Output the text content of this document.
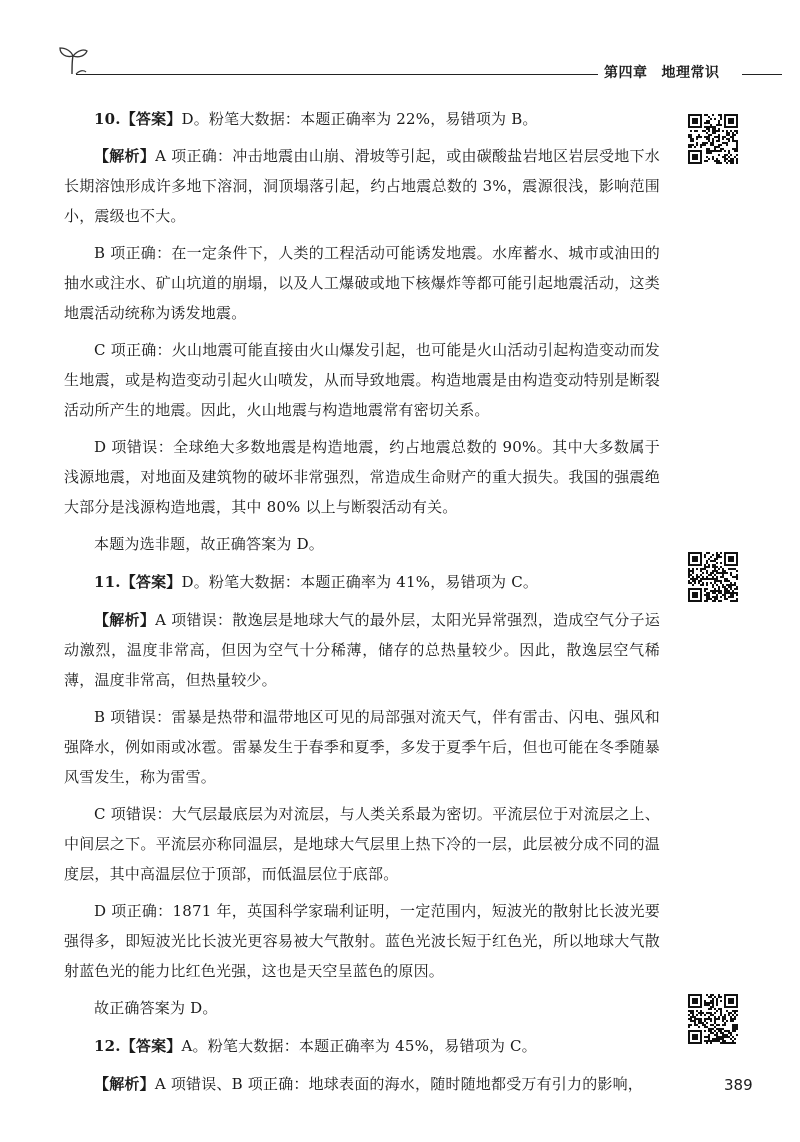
第四章 地理常识

10.【答案】D。粉笔大数据：本题正确率为 22%，易错项为 B。

【解析】A 项正确：冲击地震由山崩、滑坡等引起，或由碳酸盐岩地区岩层受地下水长期溶蚀形成许多地下溶洞，洞顶塌落引起，约占地震总数的 3%，震源很浅，影响范围小，震级也不大。

B 项正确：在一定条件下，人类的工程活动可能诱发地震。水库蓄水、城市或油田的抽水或注水、矿山坑道的崩塌，以及人工爆破或地下核爆炸等都可能引起地震活动，这类地震活动统称为诱发地震。

C 项正确：火山地震可能直接由火山爆发引起，也可能是火山活动引起构造变动而发生地震，或是构造变动引起火山喷发，从而导致地震。构造地震是由构造变动特别是断裂活动所产生的地震。因此，火山地震与构造地震常有密切关系。

D 项错误：全球绝大多数地震是构造地震，约占地震总数的 90%。其中大多数属于浅源地震，对地面及建筑物的破坏非常强烈，常造成生命财产的重大损失。我国的强震绝大部分是浅源构造地震，其中 80% 以上与断裂活动有关。

本题为选非题，故正确答案为 D。

11.【答案】D。粉笔大数据：本题正确率为 41%，易错项为 C。

【解析】A 项错误：散逸层是地球大气的最外层，太阳光异常强烈，造成空气分子运动激烈，温度非常高，但因为空气十分稀薄，储存的总热量较少。因此，散逸层空气稀薄，温度非常高，但热量较少。

B 项错误：雷暴是热带和温带地区可见的局部强对流天气，伴有雷击、闪电、强风和强降水，例如雨或冰雹。雷暴发生于春季和夏季，多发于夏季午后，但也可能在冬季随暴风雪发生，称为雷雪。

C 项错误：大气层最底层为对流层，与人类关系最为密切。平流层位于对流层之上、中间层之下。平流层亦称同温层，是地球大气层里上热下冷的一层，此层被分成不同的温度层，其中高温层位于顶部，而低温层位于底部。

D 项正确：1871 年，英国科学家瑞利证明，一定范围内，短波光的散射比长波光要强得多，即短波光比长波光更容易被大气散射。蓝色光波长短于红色光，所以地球大气散射蓝色光的能力比红色光强，这也是天空呈蓝色的原因。

故正确答案为 D。

12.【答案】A。粉笔大数据：本题正确率为 45%，易错项为 C。

【解析】A 项错误、B 项正确：地球表面的海水，随时随地都受万有引力的影响，	389
